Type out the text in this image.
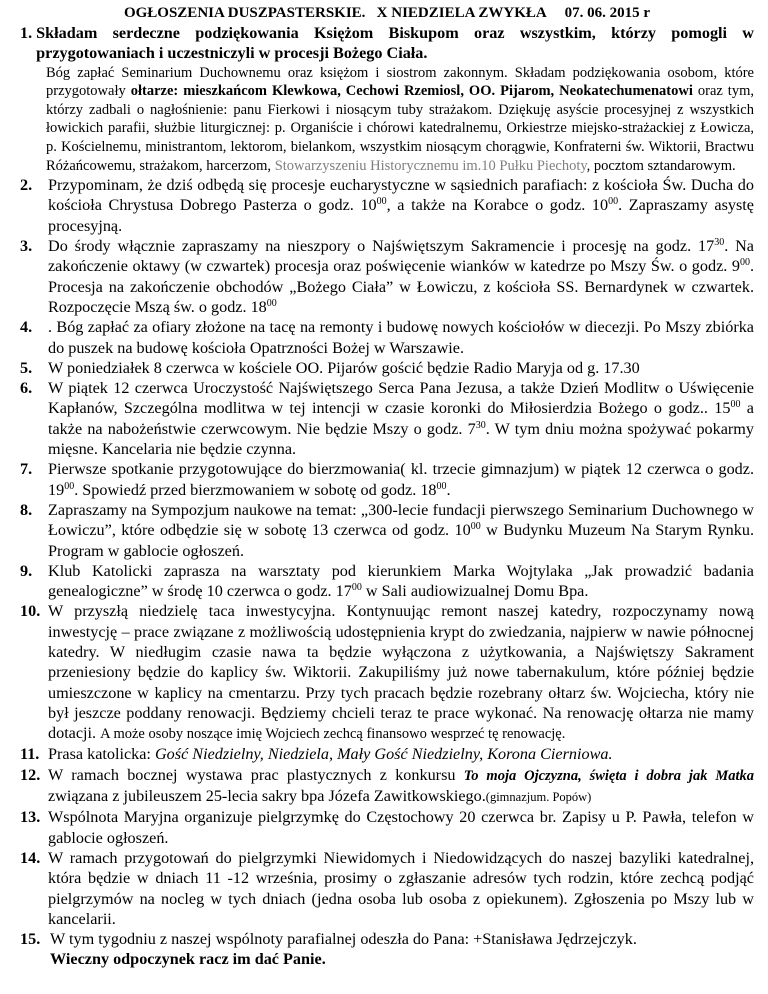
OGŁOSZENIA DUSZPASTERSKIE.   X NIEDZIELA ZWYKŁA     07. 06. 2015 r
1. Składam serdeczne podziękowania Księżom Biskupom oraz wszystkim, którzy pomogli w przygotowaniach i uczestniczyli w procesji Bożego Ciała.
Bóg zapłać Seminarium Duchownemu oraz księżom i siostrom zakonnym. Składam podziękowania osobom, które przygotowały ołtarze: mieszkańcom Klewkowa, Cechowi Rzemiosl, OO. Pijarom, Neokatechumenatowi oraz tym, którzy zadbali o nagłośnienie: panu Fierkowi i niosącym tuby strażakom. Dziękuję asyście procesyjnej z wszystkich łowickich parafii, służbie liturgicznej: p. Organiście i chórowi katedralnemu, Orkiestrze miejsko-strażackiej z Łowicza, p. Kościelnemu, ministrantom, lektorom, bielankom, wszystkim niosącym chorągwie, Konfraterni św. Wiktorii, Bractwu Różańcowemu, strażakom, harcerzom, Stowarzyszeniu Historycznemu im.10 Pułku Piechoty, pocztom sztandarowym.
2. Przypominam, że dziś odbędą się procesje eucharystyczne w sąsiednich parafiach: z kościoła Św. Ducha do kościoła Chrystusa Dobrego Pasterza o godz. $10^{00}$, a także na Korabce o godz. $10^{00}$. Zapraszamy asystę procesyjną.
3. Do środy włącznie zapraszamy na nieszpory o Najświętszym Sakramencie i procesję na godz. $17^{30}$. Na zakończenie oktawy (w czwartek) procesja oraz poświęcenie wianków w katedrze po Mszy Św. o godz. $9^{00}$. Procesja na zakończenie obchodów „Bożego Ciała” w Łowiczu, z kościoła SS. Bernardynek w czwartek. Rozpoczęcie Mszą św. o godz. $18^{00}$
4. . Bóg zapłać za ofiary złożone na tacę na remonty i budowę nowych kościołów w diecezji. Po Mszy zbiórka do puszek na budowę kościoła Opatrzności Bożej w Warszawie.
5. W poniedziałek 8 czerwca w kościele OO. Pijarów gościć będzie Radio Maryja od g. 17.30
6. W piątek 12 czerwca Uroczystość Najświętszego Serca Pana Jezusa, a także Dzień Modlitw o Uświęcenie Kapłanów, Szczególna modlitwa w tej intencji w czasie koronki do Miłosierdzia Bożego o godz.. $15^{00}$ a także na nabożeństwie czerwcowym. Nie będzie Mszy o godz. $7^{30}$. W tym dniu można spożywać pokarmy mięsne. Kancelaria nie będzie czynna.
7. Pierwsze spotkanie przygotowujące do bierzmowania( kl. trzecie gimnazjum) w piątek 12 czerwca o godz. $19^{00}$. Spowiedź przed bierzmowaniem w sobotę od godz. $18^{00}$.
8. Zapraszamy na Sympozjum naukowe na temat: „300-lecie fundacji pierwszego Seminarium Duchownego w Łowiczu”, które odbędzie się w sobotę 13 czerwca od godz. $10^{00}$ w Budynku Muzeum Na Starym Rynku. Program w gablocie ogłoszeń.
9. Klub Katolicki zaprasza na warsztaty pod kierunkiem Marka Wojtylaka „Jak prowadzić badania genealogiczne” w środę 10 czerwca o godz. $17^{00}$ w Sali audiowizualnej Domu Bpa.
10. W przyszłą niedzielę taca inwestycyjna. Kontynuując remont naszej katedry, rozpoczynamy nową inwestycję – prace związane z możliwością udostępnienia krypt do zwiedzania, najpierw w nawie północnej katedry. W niedługim czasie nawa ta będzie wyłączona z użytkowania, a Najświętszy Sakrament przeniesiony będzie do kaplicy św. Wiktorii. Zakupiliśmy już nowe tabernakulum, które później będzie umieszczone w kaplicy na cmentarzu. Przy tych pracach będzie rozebrany ołtarz św. Wojciecha, który nie był jeszcze poddany renowacji. Będziemy chcieli teraz te prace wykonać. Na renowację ołtarza nie mamy dotacji. A może osoby noszące imię Wojciech zechcą finansowo wesprzeć tę renowację.
11. Prasa katolicka: Gość Niedzielny, Niedziela, Mały Gość Niedzielny, Korona Cierniowa.
12. W ramach bocznej wystawa prac plastycznych z konkursu To moja Ojczyzna, święta i dobra jak Matka związana z jubileuszem 25-lecia sakry bpa Józefa Zawitkowskiego.(gimnazjum. Popów)
13. Wspólnota Maryjna organizuje pielgrzymkę do Częstochowy 20 czerwca br. Zapisy u P. Pawła, telefon w gablocie ogłoszeń.
14. W ramach przygotowań do pielgrzymki Niewidomych i Niedowidzących do naszej bazyliki katedralnej, która będzie w dniach 11 -12 września, prosimy o zgłaszanie adresów tych rodzin, które zechcą podjąć pielgrzymów na nocleg w tych dniach (jedna osoba lub osoba z opiekunem). Zgłoszenia po Mszy lub w kancelarii.
15. W tym tygodniu z naszej wspólnoty parafialnej odeszła do Pana: +Stanisława Jędrzejczyk.
Wieczny odpoczynek racz im dać Panie.
